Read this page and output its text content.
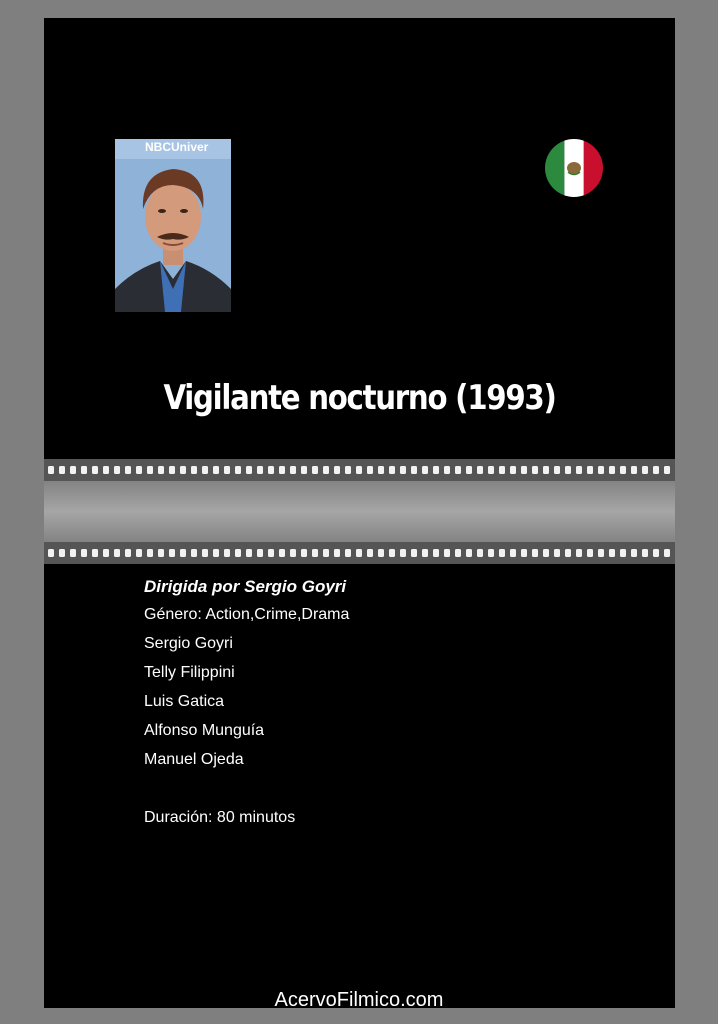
NBCUniver
Vigilante nocturno (1993)
Dirigida por Sergio Goyri
Género: Action,Crime,Drama
Sergio Goyri
Telly Filippini
Luis Gatica
Alfonso Munguía
Manuel Ojeda
Duración: 80 minutos
AcervoFilmico.com
